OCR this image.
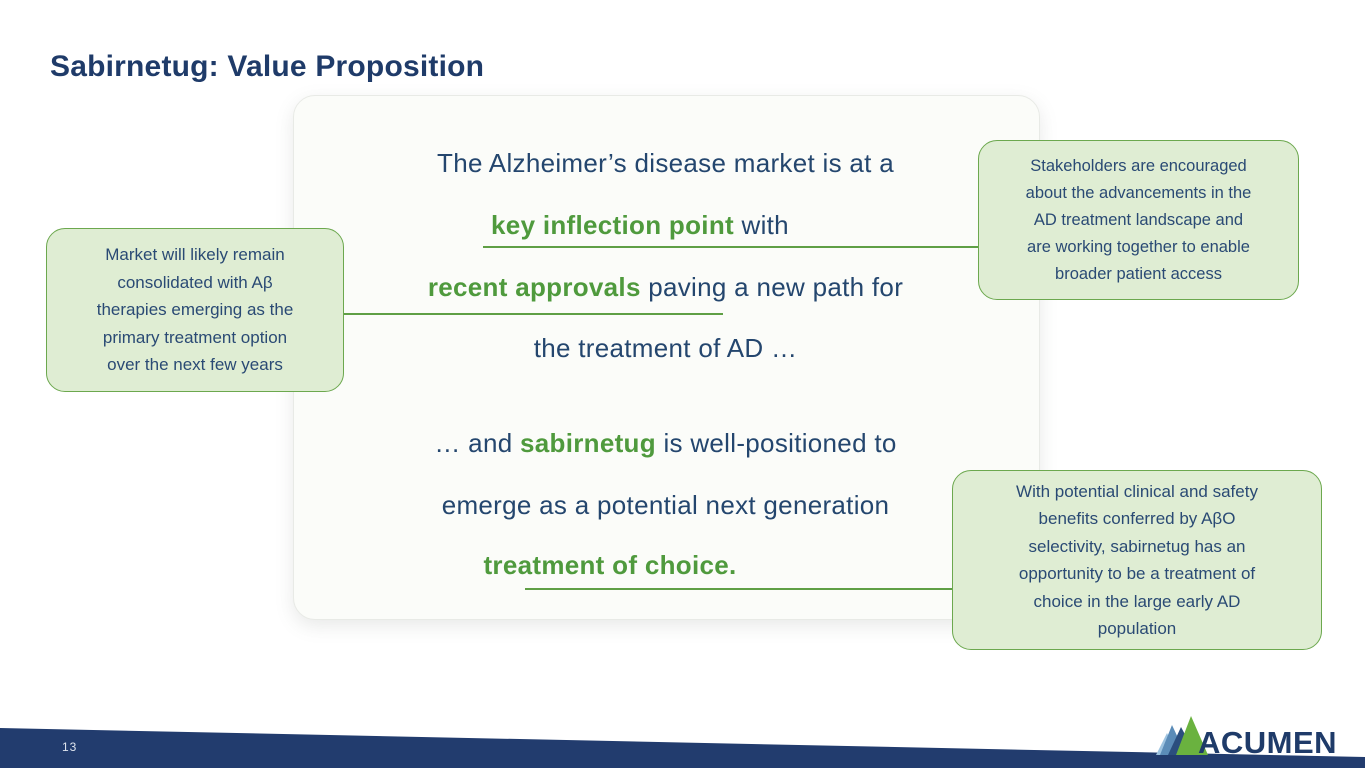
Sabirnetug: Value Proposition
The Alzheimer’s disease market is at a
key inflection point with
recent approvals paving a new path for
the treatment of AD …
… and sabirnetug is well-positioned to
emerge as a potential next generation
treatment of choice.
Market will likely remain
consolidated with Aβ
therapies emerging as the
primary treatment option
over the next few years
Stakeholders are encouraged
about the advancements in the
AD treatment landscape and
are working together to enable
broader patient access
With potential clinical and safety
benefits conferred by AβO
selectivity, sabirnetug has an
opportunity to be a treatment of
choice in the large early AD
population
13	ACUMEN
